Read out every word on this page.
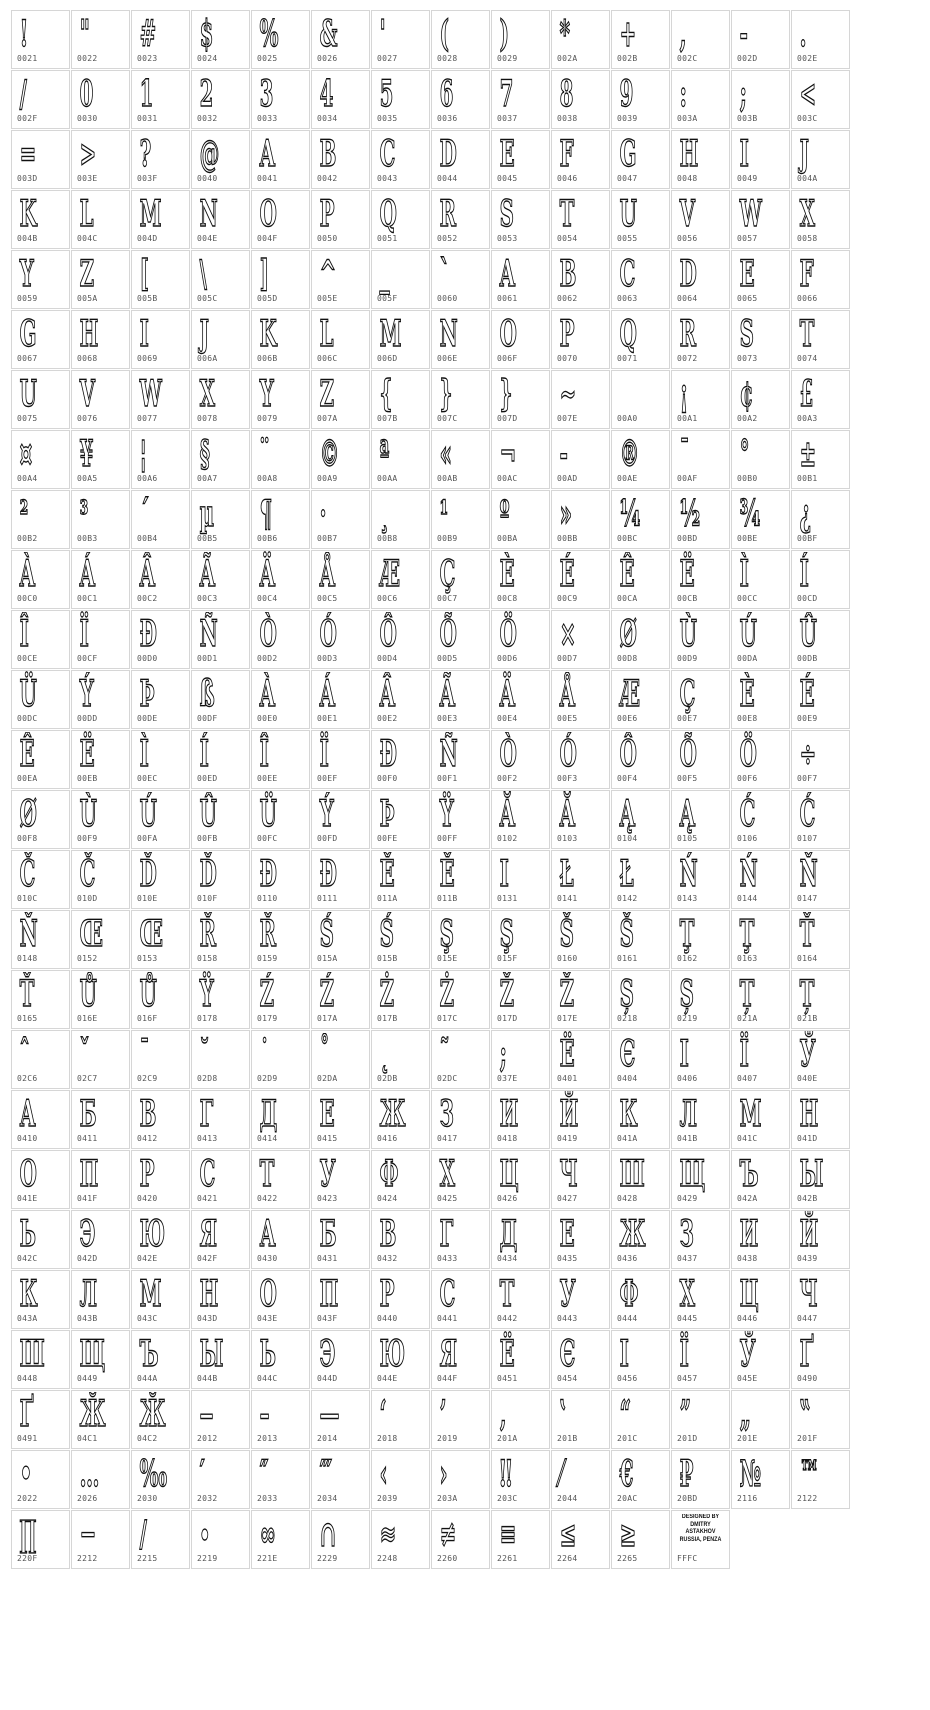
!
0021
"
0022
#
0023
$
0024
%
0025
&
0026
'
0027
(
0028
)
0029
*
002A
+
002B
,
002C
-
002D
.
002E
/
002F
0
0030
1
0031
2
0032
3
0033
4
0034
5
0035
6
0036
7
0037
8
0038
9
0039
:
003A
;
003B
<
003C
=
003D
>
003E
?
003F
@
0040
A
0041
B
0042
C
0043
D
0044
E
0045
F
0046
G
0047
H
0048
I
0049
J
004A
K
004B
L
004C
M
004D
N
004E
O
004F
P
0050
Q
0051
R
0052
S
0053
T
0054
U
0055
V
0056
W
0057
X
0058
Y
0059
Z
005A
[
005B
\
005C
]
005D
^
005E
_
005F
`
0060
A
0061
B
0062
C
0063
D
0064
E
0065
F
0066
G
0067
H
0068
I
0069
J
006A
K
006B
L
006C
M
006D
N
006E
O
006F
P
0070
Q
0071
R
0072
S
0073
T
0074
U
0075
V
0076
W
0077
X
0078
Y
0079
Z
007A
{
007B
}
007C
}
007D
~
007E	00A0
¡
00A1
¢
00A2
£
00A3
¤
00A4
¥
00A5
¦
00A6
§
00A7
¨
00A8
©
00A9
ª
00AA
«
00AB
¬
00AC
-
00AD
®
00AE
¯
00AF
°
00B0
±
00B1
²
00B2
³
00B3
´
00B4
µ
00B5
¶
00B6
·
00B7
¸
00B8
¹
00B9
º
00BA
»
00BB
¼
00BC
½
00BD
¾
00BE
¿
00BF
À
00C0
Á
00C1
Â
00C2
Ã
00C3
Ä
00C4
Å
00C5
Æ
00C6
Ç
00C7
È
00C8
É
00C9
Ê
00CA
Ë
00CB
Ì
00CC
Í
00CD
Î
00CE
Ï
00CF
Ð
00D0
Ñ
00D1
Ò
00D2
Ó
00D3
Ô
00D4
Õ
00D5
Ö
00D6
×
00D7
Ø
00D8
Ù
00D9
Ú
00DA
Û
00DB
Ü
00DC
Ý
00DD
Þ
00DE
ß
00DF
À
00E0
Á
00E1
Â
00E2
Ã
00E3
Ä
00E4
Å
00E5
Æ
00E6
Ç
00E7
È
00E8
É
00E9
Ê
00EA
Ë
00EB
Ì
00EC
Í
00ED
Î
00EE
Ï
00EF
Ð
00F0
Ñ
00F1
Ò
00F2
Ó
00F3
Ô
00F4
Õ
00F5
Ö
00F6
÷
00F7
Ø
00F8
Ù
00F9
Ú
00FA
Û
00FB
Ü
00FC
Ý
00FD
Þ
00FE
Ÿ
00FF
Ă
0102
Ă
0103
Ą
0104
Ą
0105
Ć
0106
Ć
0107
Č
010C
Č
010D
Ď
010E
Ď
010F
Đ
0110
Đ
0111
Ě
011A
Ě
011B
I
0131
Ł
0141
Ł
0142
Ń
0143
Ń
0144
Ň
0147
Ň
0148
Œ
0152
Œ
0153
Ř
0158
Ř
0159
Ś
015A
Ś
015B
Ş
015E
Ş
015F
Š
0160
Š
0161
Ţ
0162
Ţ
0163
Ť
0164
Ť
0165
Ů
016E
Ů
016F
Ÿ
0178
Ź
0179
Ź
017A
Ż
017B
Ż
017C
Ž
017D
Ž
017E
Ș
0218
Ș
0219
Ț
021A
Ț
021B
ˆ
02C6
ˇ
02C7
ˉ
02C9
˘
02D8
˙
02D9
˚
02DA
˛
02DB
˜
02DC
;
037E
Ë
0401
Є
0404
I
0406
Ï
0407
Ў
040E
А
0410
Б
0411
В
0412
Г
0413
Д
0414
Е
0415
Ж
0416
З
0417
И
0418
Й
0419
К
041A
Л
041B
М
041C
Н
041D
О
041E
П
041F
Р
0420
С
0421
Т
0422
У
0423
Ф
0424
Х
0425
Ц
0426
Ч
0427
Ш
0428
Щ
0429
Ъ
042A
Ы
042B
Ь
042C
Э
042D
Ю
042E
Я
042F
А
0430
Б
0431
В
0432
Г
0433
Д
0434
Е
0435
Ж
0436
З
0437
И
0438
Й
0439
К
043A
Л
043B
М
043C
Н
043D
О
043E
П
043F
Р
0440
С
0441
Т
0442
У
0443
Ф
0444
Х
0445
Ц
0446
Ч
0447
Ш
0448
Щ
0449
Ъ
044A
Ы
044B
Ь
044C
Э
044D
Ю
044E
Я
044F
Ë
0451
Є
0454
I
0456
Ï
0457
Ў
045E
Ґ
0490
Ґ
0491
Ӂ
04C1
Ӂ
04C2
‒
2012
–
2013
—
2014
‘
2018
’
2019
‚
201A
‛
201B
“
201C
”
201D
„
201E
‟
201F
•
2022
…
2026
‰
2030
′
2032
″
2033
‴
2034
‹
2039
›
203A
‼
203C
⁄
2044
€
20AC
₽
20BD
№
2116
™
2122
∏
220F
−
2212
∕
2215
∙
2219
∞
221E
∩
2229
≈
2248
≠
2260
≡
2261
≤
2264
≥
2265
DESIGNED BY
DMITRY ASTAKHOV
RUSSIA, PENZA
FFFC
